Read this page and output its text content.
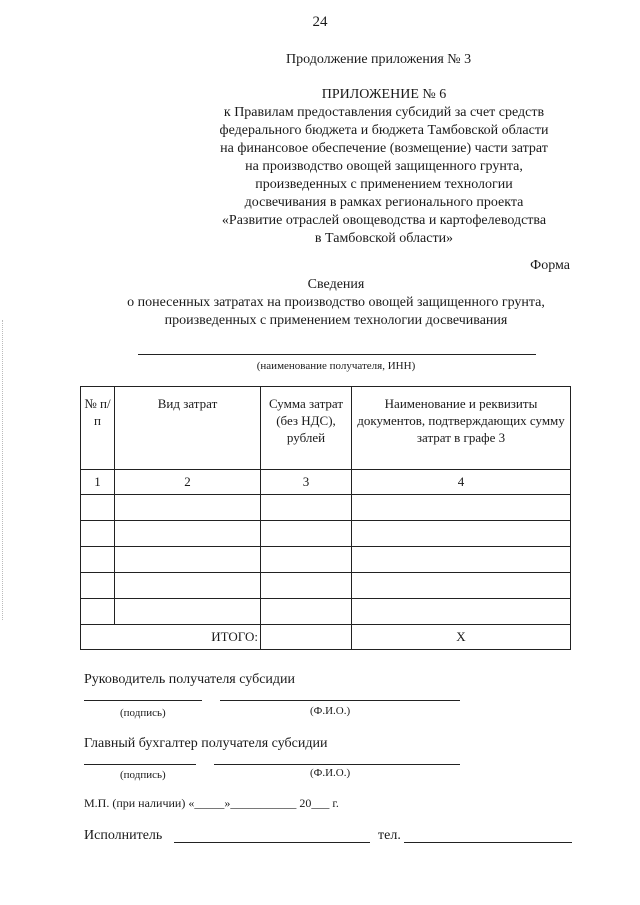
24
Продолжение приложения № 3
ПРИЛОЖЕНИЕ № 6
к Правилам предоставления субсидий за счет средств
федерального бюджета и бюджета Тамбовской области
на финансовое обеспечение (возмещение) части затрат
на производство овощей защищенного грунта,
произведенных с применением технологии
досвечивания в рамках регионального проекта
«Развитие отраслей овощеводства и картофелеводства
в Тамбовской области»
Форма
Сведения
о понесенных затратах на производство овощей защищенного грунта,
произведенных с применением технологии досвечивания
(наименование получателя, ИНН)
№ п/п	Вид затрат	Сумма затрат (без НДС), рублей	Наименование и реквизиты документов, подтверждающих сумму затрат в графе 3
1	2	3	4

ИТОГО:			Х
Руководитель получателя субсидии
(подпись)	(Ф.И.О.)
Главный бухгалтер получателя субсидии
(подпись)	(Ф.И.О.)
М.П. (при наличии) «_____»___________ 20___ г.
Исполнитель	тел.
